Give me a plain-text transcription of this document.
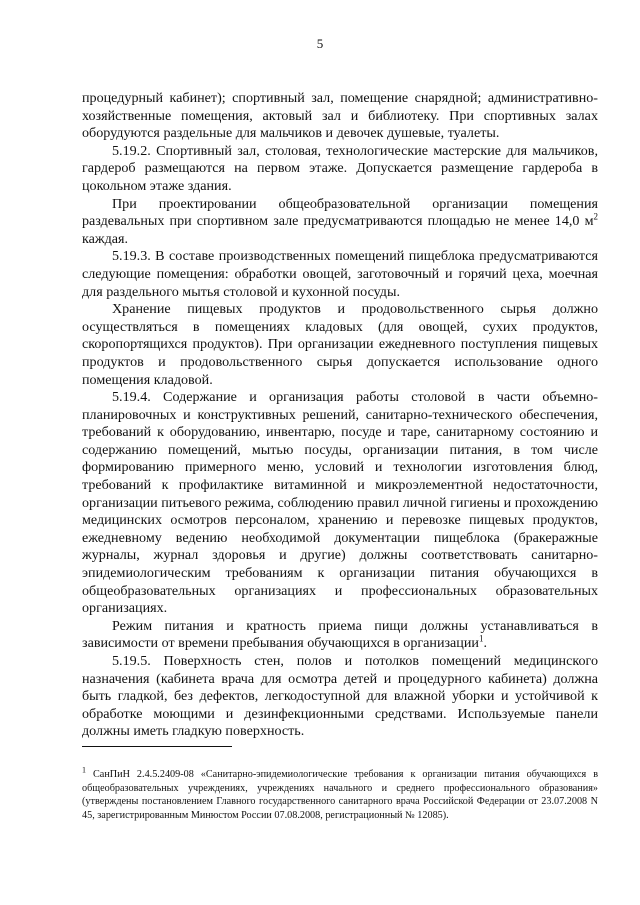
5

процедурный кабинет); спортивный зал, помещение снарядной; административно-хозяйственные помещения, актовый зал и библиотеку. При спортивных залах оборудуются раздельные для мальчиков и девочек душевые, туалеты.

5.19.2. Спортивный зал, столовая, технологические мастерские для мальчиков, гардероб размещаются на первом этаже. Допускается размещение гардероба в цокольном этаже здания.

При проектировании общеобразовательной организации помещения раздевальных при спортивном зале предусматриваются площадью не менее 14,0 $м^2$ каждая.

5.19.3. В составе производственных помещений пищеблока предусматриваются следующие помещения: обработки овощей, заготовочный и горячий цеха, моечная для раздельного мытья столовой и кухонной посуды.

Хранение пищевых продуктов и продовольственного сырья должно осуществляться в помещениях кладовых (для овощей, сухих продуктов, скоропортящихся продуктов). При организации ежедневного поступления пищевых продуктов и продовольственного сырья допускается использование одного помещения кладовой.

5.19.4. Содержание и организация работы столовой в части объемно-планировочных и конструктивных решений, санитарно-технического обеспечения, требований к оборудованию, инвентарю, посуде и таре, санитарному состоянию и содержанию помещений, мытью посуды, организации питания, в том числе формированию примерного меню, условий и технологии изготовления блюд, требований к профилактике витаминной и микроэлементной недостаточности, организации питьевого режима, соблюдению правил личной гигиены и прохождению медицинских осмотров персоналом, хранению и перевозке пищевых продуктов, ежедневному ведению необходимой документации пищеблока (бракеражные журналы, журнал здоровья и другие) должны соответствовать санитарно-эпидемиологическим требованиям к организации питания обучающихся в общеобразовательных организациях и профессиональных образовательных организациях.

Режим питания и кратность приема пищи должны устанавливаться в зависимости от времени пребывания обучающихся в организации$^1$.

5.19.5. Поверхность стен, полов и потолков помещений медицинского назначения (кабинета врача для осмотра детей и процедурного кабинета) должна быть гладкой, без дефектов, легкодоступной для влажной уборки и устойчивой к обработке моющими и дезинфекционными средствами. Используемые панели должны иметь гладкую поверхность.

$^1$ СанПиН 2.4.5.2409-08 «Санитарно-эпидемиологические требования к организации питания обучающихся в общеобразовательных учреждениях, учреждениях начального и среднего профессионального образования» (утверждены постановлением Главного государственного санитарного врача Российской Федерации от 23.07.2008 N 45, зарегистрированным Минюстом России 07.08.2008, регистрационный № 12085).
